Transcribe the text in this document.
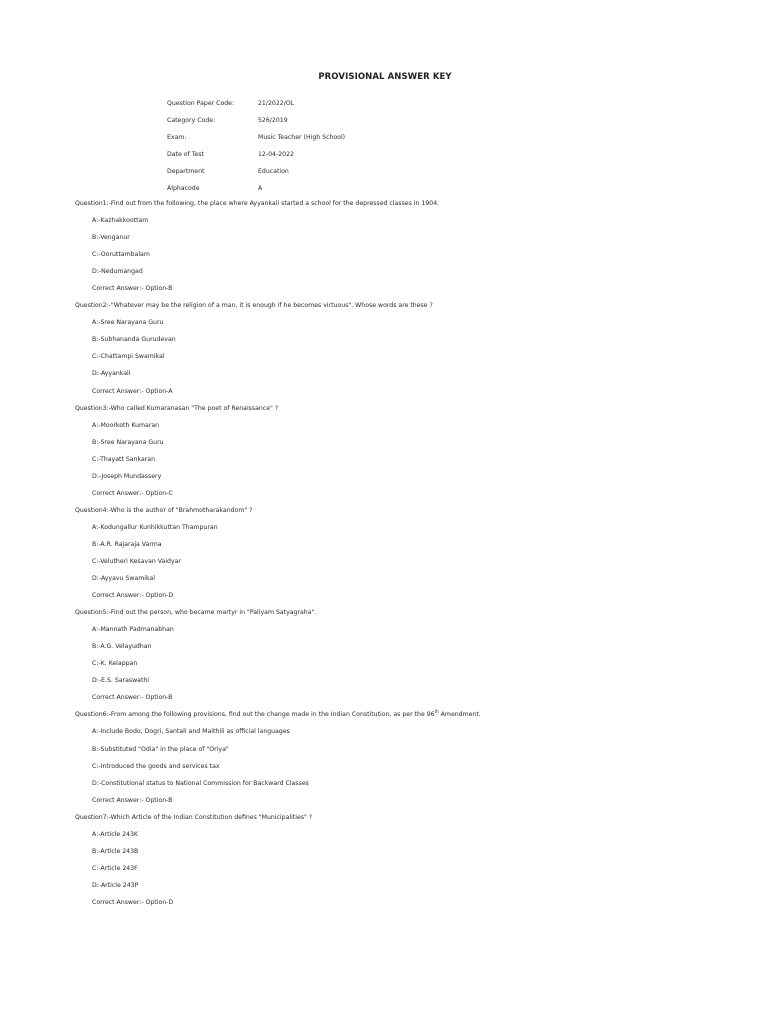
PROVISIONAL ANSWER KEY
Question Paper Code:	21/2022/OL
Category Code:	526/2019
Exam:	Music Teacher (High School)
Date of Test	12-04-2022
Department	Education
Alphacode	A
Question1:-Find out from the following, the place where Ayyankali started a school for the depressed classes in 1904.
A:-Kazhakkoottam
B:-Venganur
C:-Ooruttambalam
D:-Nedumangad
Correct Answer:- Option-B
Question2:-"Whatever may be the religion of a man, it is enough if he becomes virtuous". Whose words are these ?
A:-Sree Narayana Guru
B:-Subhananda Gurudevan
C:-Chattampi Swamikal
D:-Ayyankali
Correct Answer:- Option-A
Question3:-Who called Kumaranasan "The poet of Renaissance" ?
A:-Moorkoth Kumaran
B:-Sree Narayana Guru
C:-Thayatt Sankaran
D:-Joseph Mundassery
Correct Answer:- Option-C
Question4:-Who is the author of "Brahmotharakandom" ?
A:-Kodungallur Kunhikkuttan Thampuran
B:-A.R. Rajaraja Varma
C:-Velutheri Kesavan Vaidyar
D:-Ayyavu Swamikal
Correct Answer:- Option-D
Question5:-Find out the person, who became martyr in "Paliyam Satyagraha".
A:-Mannath Padmanabhan
B:-A.G. Velayudhan
C:-K. Kelappan
D:-E.S. Saraswathi
Correct Answer:- Option-B
Question6:-From among the following provisions, find out the change made in the Indian Constitution, as per the 96th Amendment.
A:-Include Bodo, Dogri, Santali and Maithili as official languages
B:-Substituted "Odia" in the place of "Oriya"
C:-Introduced the goods and services tax
D:-Constitutional status to National Commission for Backward Classes
Correct Answer:- Option-B
Question7:-Which Article of the Indian Constitution defines "Municipalities" ?
A:-Article 243K
B:-Article 243B
C:-Article 243F
D:-Article 243P
Correct Answer:- Option-D
